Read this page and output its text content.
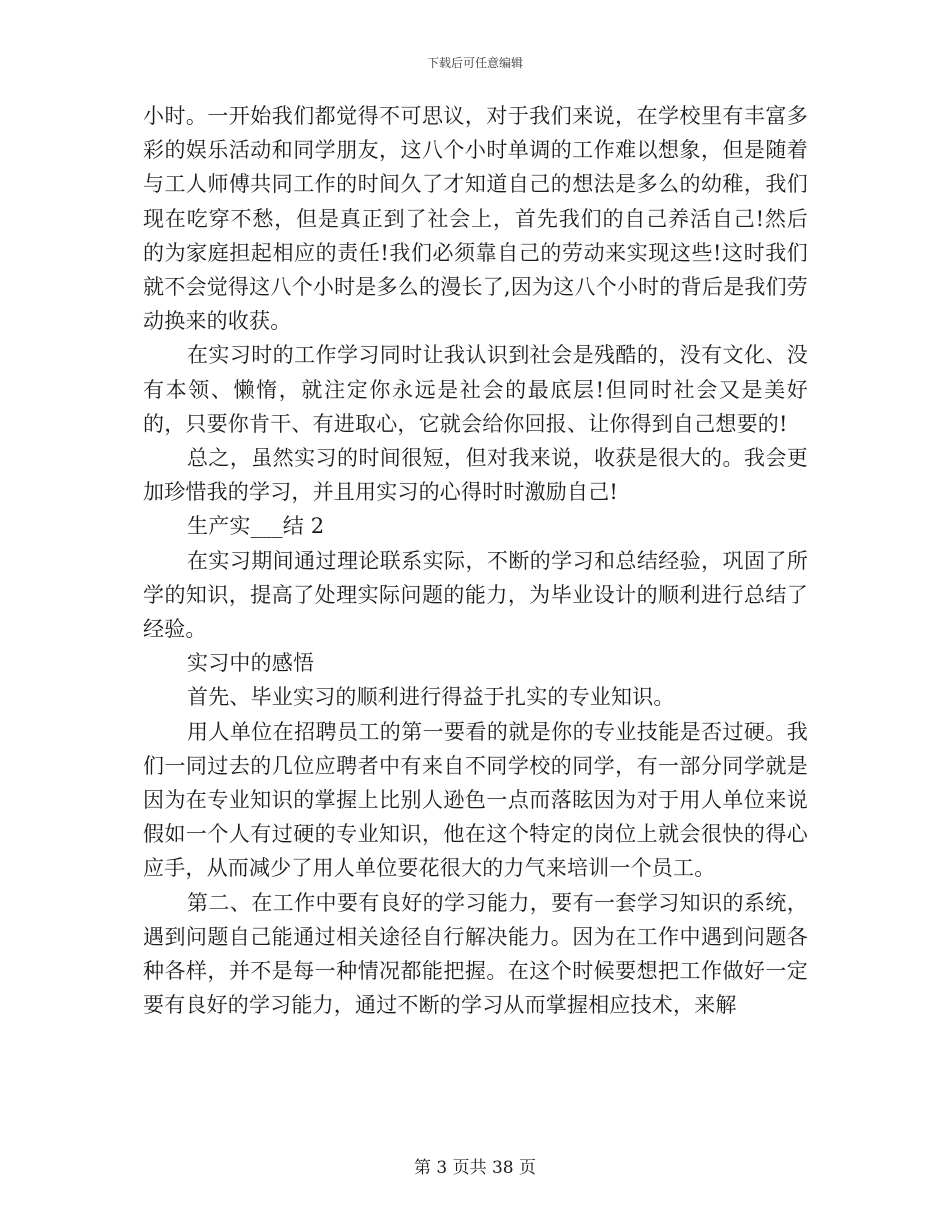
下载后可任意编辑

小时。一开始我们都觉得不可思议，对于我们来说，在学校里有丰富多彩的娱乐活动和同学朋友，这八个小时单调的工作难以想象，但是随着与工人师傅共同工作的时间久了才知道自己的想法是多么的幼稚，我们现在吃穿不愁，但是真正到了社会上，首先我们的自己养活自己!然后的为家庭担起相应的责任!我们必须靠自己的劳动来实现这些!这时我们就不会觉得这八个小时是多么的漫长了,因为这八个小时的背后是我们劳动换来的收获。

在实习时的工作学习同时让我认识到社会是残酷的，没有文化、没有本领、懒惰，就注定你永远是社会的最底层!但同时社会又是美好的，只要你肯干、有进取心，它就会给你回报、让你得到自己想要的!

总之，虽然实习的时间很短，但对我来说，收获是很大的。我会更加珍惜我的学习，并且用实习的心得时时激励自己!

生产实___结 2

在实习期间通过理论联系实际，不断的学习和总结经验，巩固了所学的知识，提高了处理实际问题的能力，为毕业设计的顺利进行总结了经验。

实习中的感悟

首先、毕业实习的顺利进行得益于扎实的专业知识。

用人单位在招聘员工的第一要看的就是你的专业技能是否过硬。我们一同过去的几位应聘者中有来自不同学校的同学，有一部分同学就是因为在专业知识的掌握上比别人逊色一点而落眩因为对于用人单位来说假如一个人有过硬的专业知识，他在这个特定的岗位上就会很快的得心应手，从而减少了用人单位要花很大的力气来培训一个员工。

第二、在工作中要有良好的学习能力，要有一套学习知识的系统，遇到问题自己能通过相关途径自行解决能力。因为在工作中遇到问题各种各样，并不是每一种情况都能把握。在这个时候要想把工作做好一定要有良好的学习能力，通过不断的学习从而掌握相应技术，来解

第 3 页共 38 页
